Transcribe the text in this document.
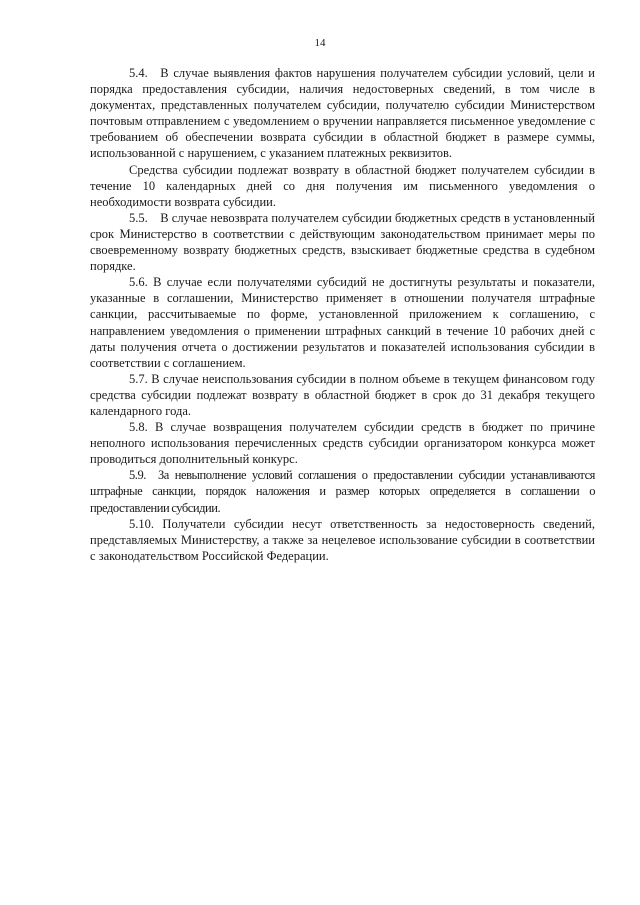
14

5.4. В случае выявления фактов нарушения получателем субсидии условий, цели и порядка предоставления субсидии, наличия недостоверных сведений, в том числе в документах, представленных получателем субсидии, получателю субсидии Министерством почтовым отправлением с уведомлением о вручении направляется письменное уведомление с требованием об обеспечении возврата субсидии в областной бюджет в размере суммы, использованной с нарушением, с указанием платежных реквизитов.

Средства субсидии подлежат возврату в областной бюджет получателем субсидии в течение 10 календарных дней со дня получения им письменного уведомления о необходимости возврата субсидии.

5.5. В случае невозврата получателем субсидии бюджетных средств в установленный срок Министерство в соответствии с действующим законодательством принимает меры по своевременному возврату бюджетных средств, взыскивает бюджетные средства в судебном порядке.

5.6. В случае если получателями субсидий не достигнуты результаты и показатели, указанные в соглашении, Министерство применяет в отношении получателя штрафные санкции, рассчитываемые по форме, установленной приложением к соглашению, с направлением уведомления о применении штрафных санкций в течение 10 рабочих дней с даты получения отчета о достижении результатов и показателей использования субсидии в соответствии с соглашением.

5.7. В случае неиспользования субсидии в полном объеме в текущем финансовом году средства субсидии подлежат возврату в областной бюджет в срок до 31 декабря текущего календарного года.

5.8. В случае возвращения получателем субсидии средств в бюджет по причине неполного использования перечисленных средств субсидии организатором конкурса может проводиться дополнительный конкурс.

5.9. За невыполнение условий соглашения о предоставлении субсидии устанавливаются штрафные санкции, порядок наложения и размер которых определяется в соглашении о предоставлении субсидии.

5.10. Получатели субсидии несут ответственность за недостоверность сведений, представляемых Министерству, а также за нецелевое использование субсидии в соответствии с законодательством Российской Федерации.
